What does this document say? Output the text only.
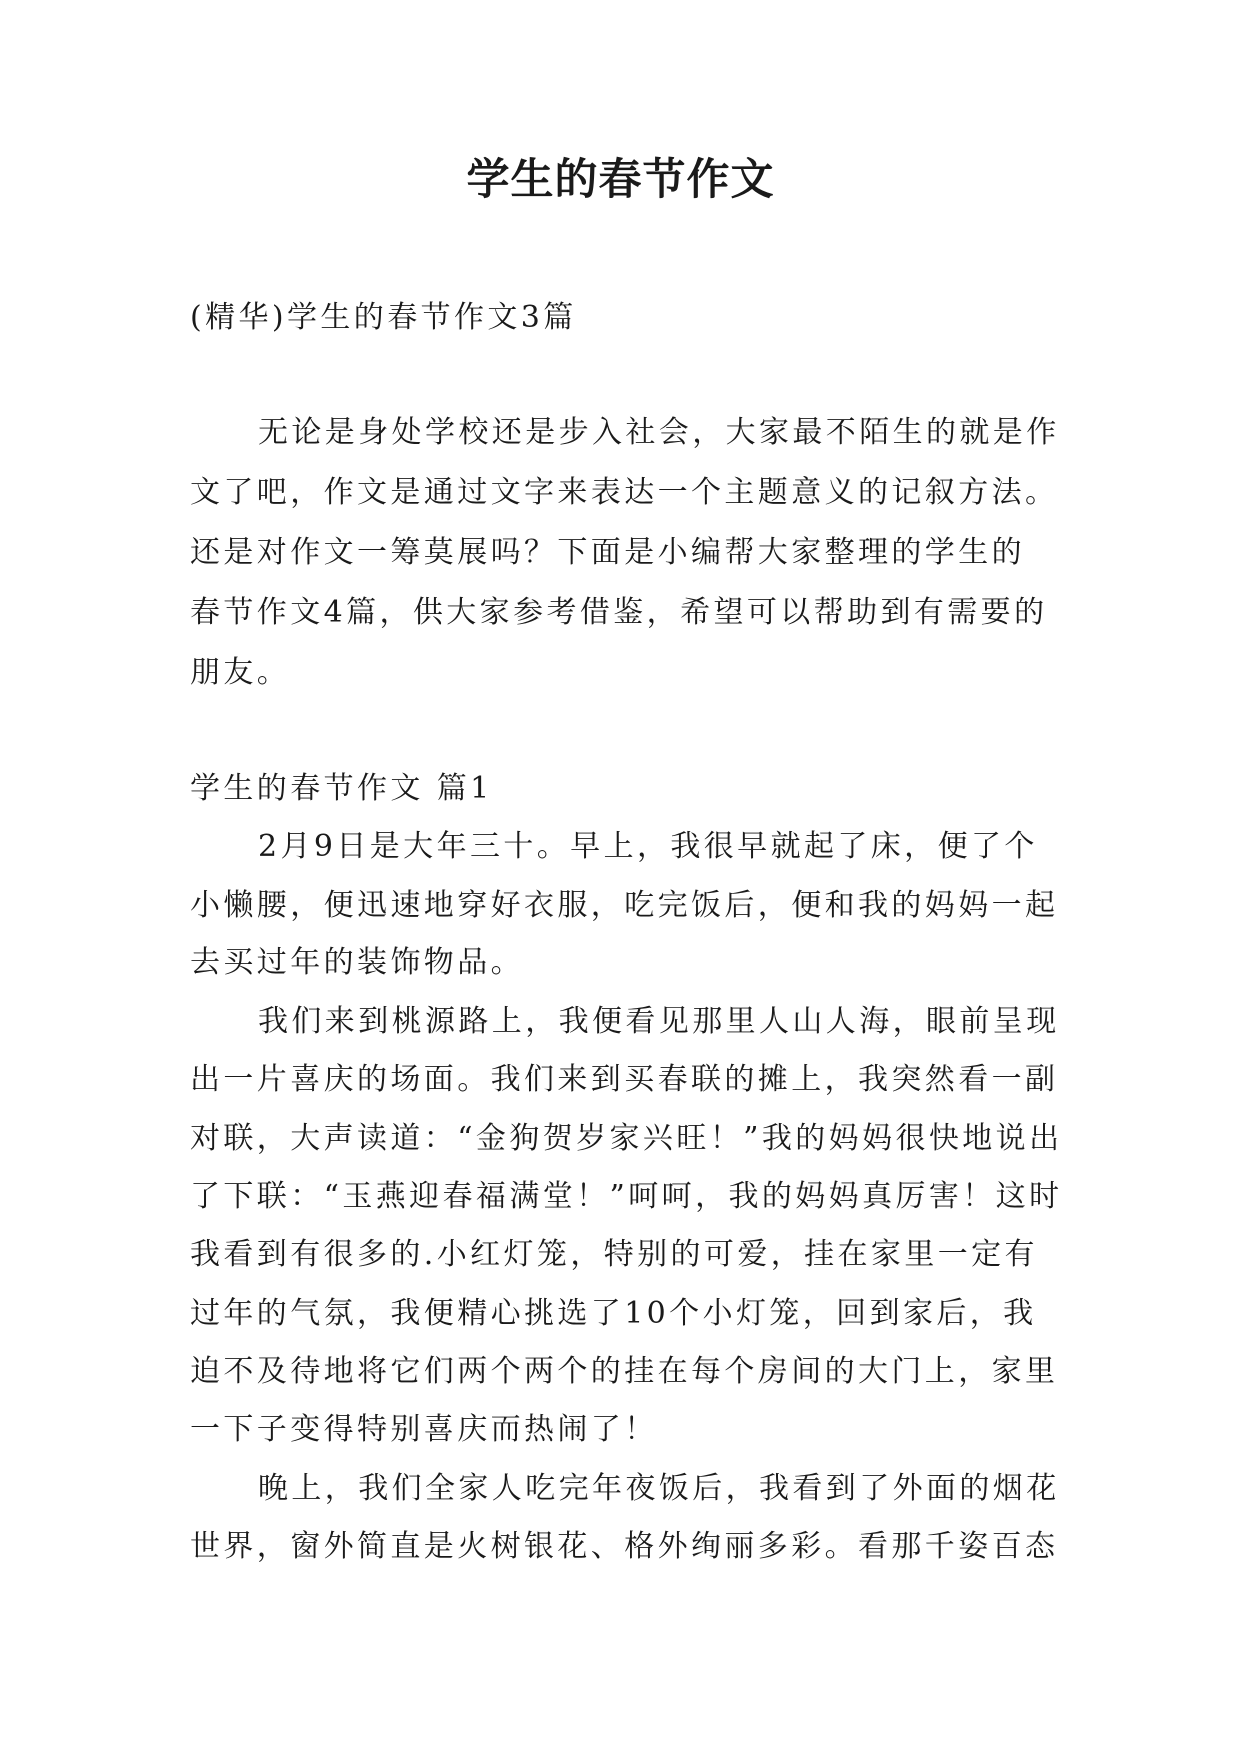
学生的春节作文
(精华)学生的春节作文3篇
无论是身处学校还是步入社会，大家最不陌生的就是作
文了吧，作文是通过文字来表达一个主题意义的记叙方法。
还是对作文一筹莫展吗？下面是小编帮大家整理的学生的
春节作文4篇，供大家参考借鉴，希望可以帮助到有需要的
朋友。
学生的春节作文 篇1
2月9日是大年三十。早上，我很早就起了床，便了个
小懒腰，便迅速地穿好衣服，吃完饭后，便和我的妈妈一起
去买过年的装饰物品。
我们来到桃源路上，我便看见那里人山人海，眼前呈现
出一片喜庆的场面。我们来到买春联的摊上，我突然看一副
对联，大声读道：“金狗贺岁家兴旺！”我的妈妈很快地说出
了下联：“玉燕迎春福满堂！”呵呵，我的妈妈真厉害！这时
我看到有很多的.小红灯笼，特别的可爱，挂在家里一定有
过年的气氛，我便精心挑选了10个小灯笼，回到家后，我
迫不及待地将它们两个两个的挂在每个房间的大门上，家里
一下子变得特别喜庆而热闹了！
晚上，我们全家人吃完年夜饭后，我看到了外面的烟花
世界，窗外简直是火树银花、格外绚丽多彩。看那千姿百态
